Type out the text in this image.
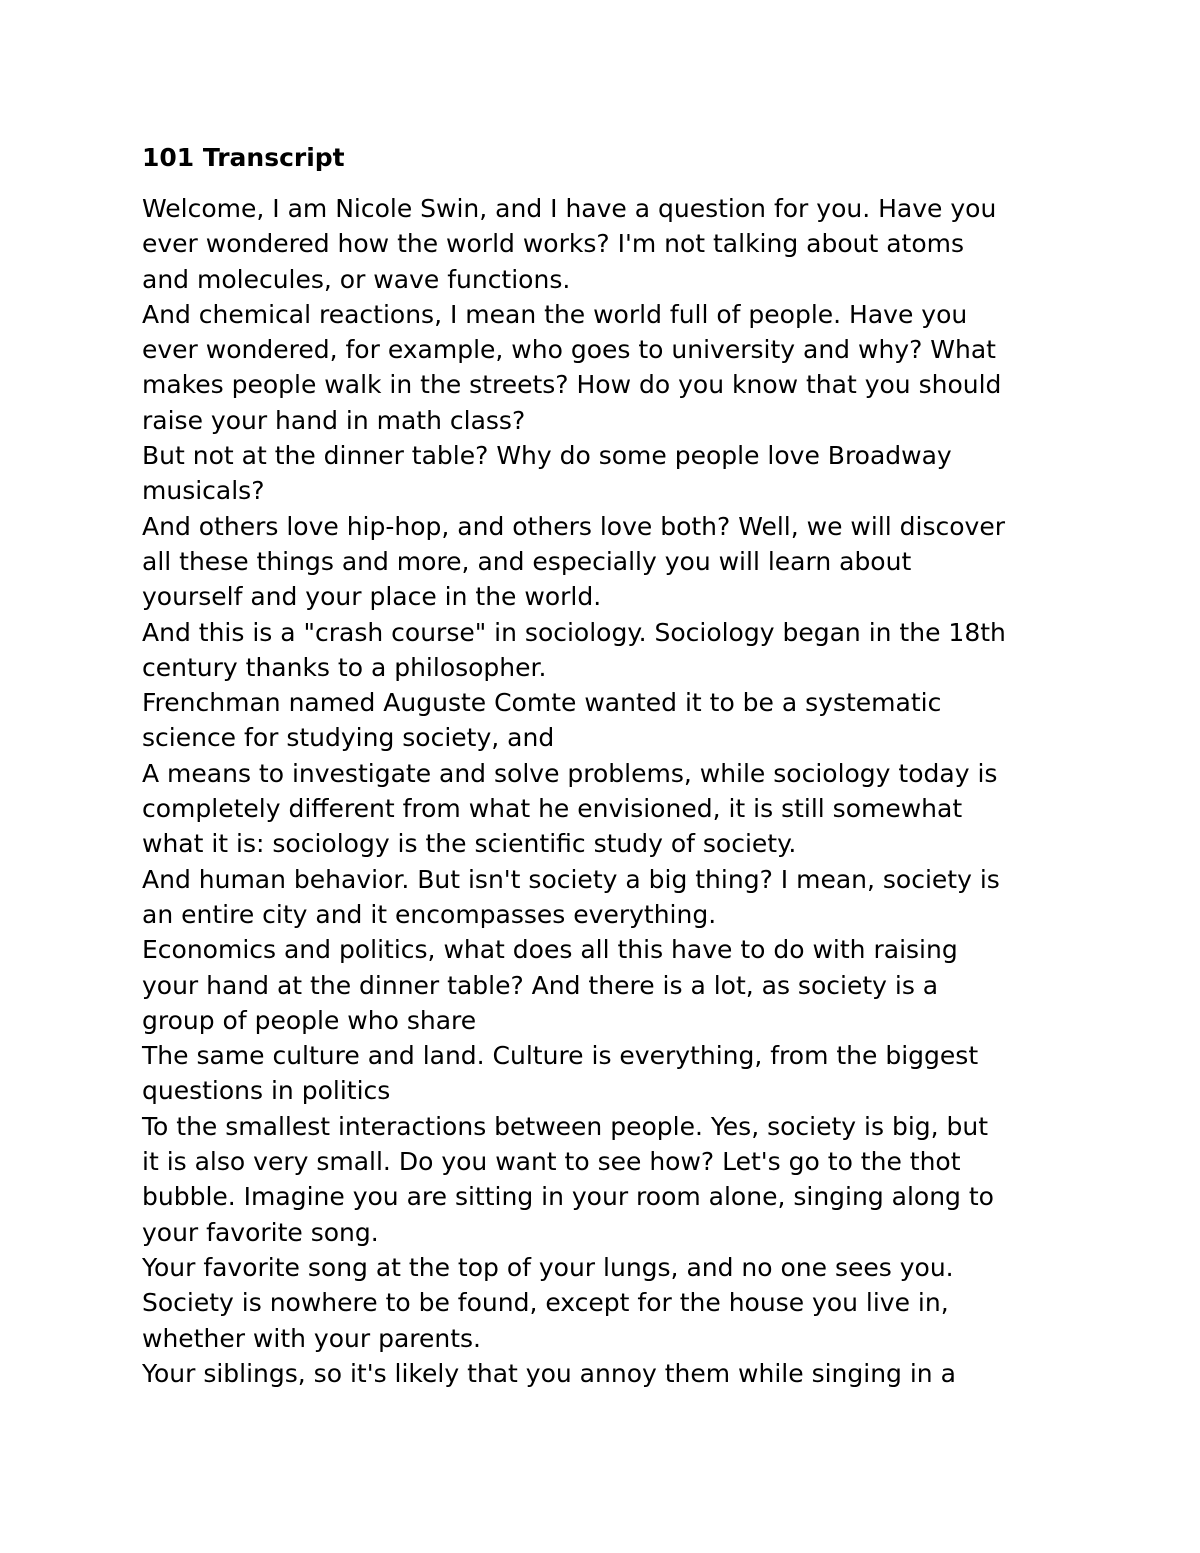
101 Transcript

Welcome, I am Nicole Swin, and I have a question for you. Have you

ever wondered how the world works? I'm not talking about atoms

and molecules, or wave functions.

And chemical reactions, I mean the world full of people. Have you

ever wondered, for example, who goes to university and why? What

makes people walk in the streets? How do you know that you should

raise your hand in math class?

But not at the dinner table? Why do some people love Broadway

musicals?

And others love hip-hop, and others love both? Well, we will discover

all these things and more, and especially you will learn about

yourself and your place in the world.

And this is a "crash course" in sociology. Sociology began in the 18th

century thanks to a philosopher.

Frenchman named Auguste Comte wanted it to be a systematic

science for studying society, and

A means to investigate and solve problems, while sociology today is

completely different from what he envisioned, it is still somewhat

what it is: sociology is the scientific study of society.

And human behavior. But isn't society a big thing? I mean, society is

an entire city and it encompasses everything.

Economics and politics, what does all this have to do with raising

your hand at the dinner table? And there is a lot, as society is a

group of people who share

The same culture and land. Culture is everything, from the biggest

questions in politics

To the smallest interactions between people. Yes, society is big, but

it is also very small. Do you want to see how? Let's go to the thot

bubble. Imagine you are sitting in your room alone, singing along to

your favorite song.

Your favorite song at the top of your lungs, and no one sees you.

Society is nowhere to be found, except for the house you live in,

whether with your parents.

Your siblings, so it's likely that you annoy them while singing in a
